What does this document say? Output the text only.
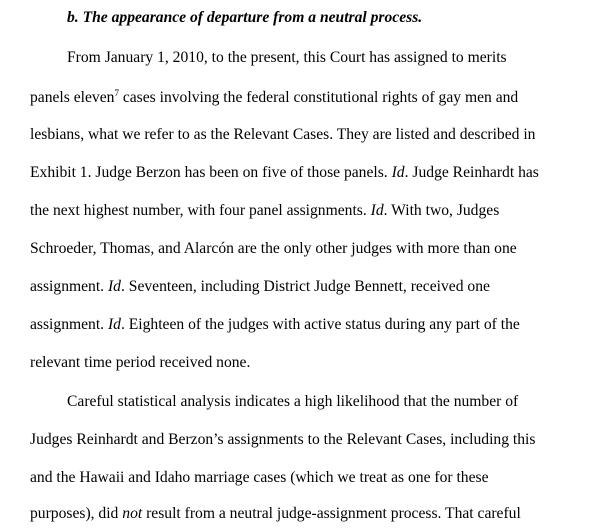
b. The appearance of departure from a neutral process.
From January 1, 2010, to the present, this Court has assigned to merits
panels eleven$^7$ cases involving the federal constitutional rights of gay men and
lesbians, what we refer to as the Relevant Cases. They are listed and described in
Exhibit 1. Judge Berzon has been on five of those panels. Id. Judge Reinhardt has
the next highest number, with four panel assignments. Id. With two, Judges
Schroeder, Thomas, and Alarcón are the only other judges with more than one
assignment. Id. Seventeen, including District Judge Bennett, received one
assignment. Id. Eighteen of the judges with active status during any part of the
relevant time period received none.
Careful statistical analysis indicates a high likelihood that the number of
Judges Reinhardt and Berzon’s assignments to the Relevant Cases, including this
and the Hawaii and Idaho marriage cases (which we treat as one for these
purposes), did not result from a neutral judge-assignment process. That careful
